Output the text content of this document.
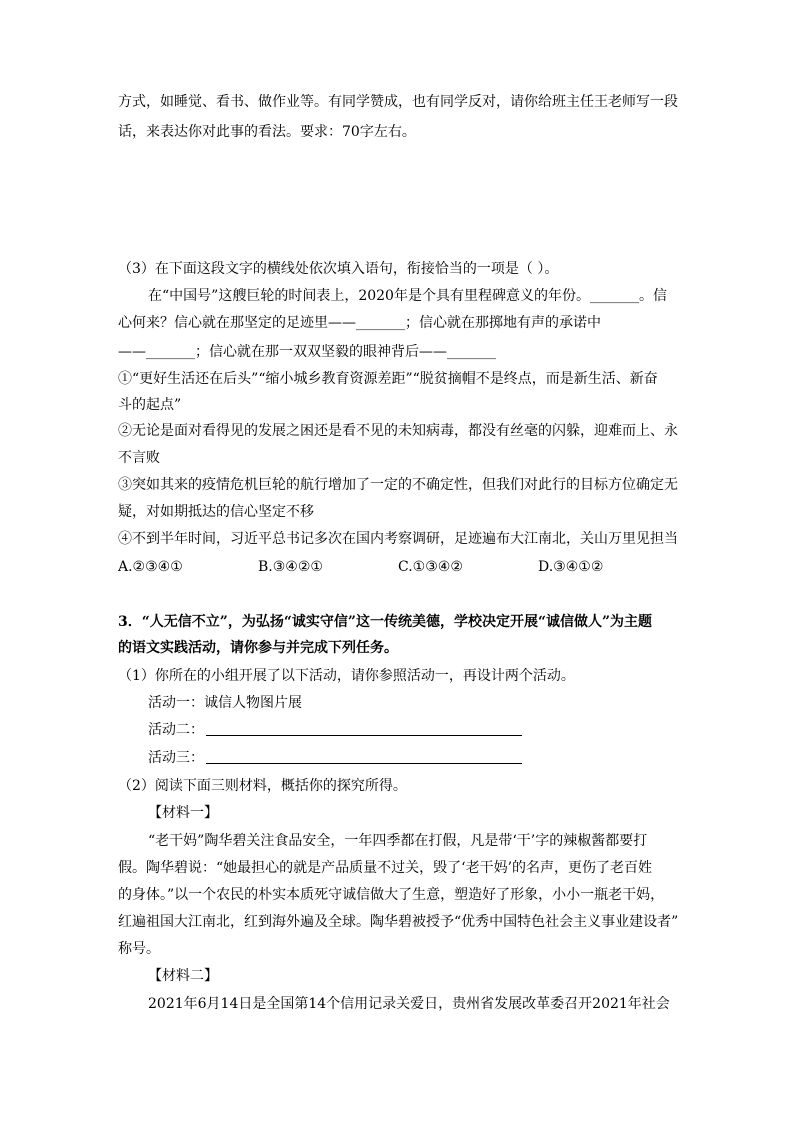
方式，如睡觉、看书、做作业等。有同学赞成，也有同学反对，请你给班主任王老师写一段
话，来表达你对此事的看法。要求：70字左右。
（3）在下面这段文字的横线处依次填入语句，衔接恰当的一项是（ ）。
在“中国号”这艘巨轮的时间表上，2020年是个具有里程碑意义的年份。_______。信
心何来？信心就在那坚定的足迹里——_______；信心就在那掷地有声的承诺中
——_______；信心就在那一双双坚毅的眼神背后——_______
①“更好生活还在后头”“缩小城乡教育资源差距”“脱贫摘帽不是终点，而是新生活、新奋
斗的起点”
②无论是面对看得见的发展之困还是看不见的未知病毒，都没有丝毫的闪躲，迎难而上、永
不言败
③突如其来的疫情危机巨轮的航行增加了一定的不确定性，但我们对此行的目标方位确定无
疑，对如期抵达的信心坚定不移
④不到半年时间，习近平总书记多次在国内考察调研，足迹遍布大江南北，关山万里见担当
A.②③④①	B.③④②①	C.①③④②	D.③④①②
3．“人无信不立”，为弘扬“诚实守信”这一传统美德，学校决定开展“诚信做人”为主题
的语文实践活动，请你参与并完成下列任务。
（1）你所在的小组开展了以下活动，请你参照活动一，再设计两个活动。
活动一：诚信人物图片展
活动二：
活动三：
（2）阅读下面三则材料，概括你的探究所得。
【材料一】
“老干妈”陶华碧关注食品安全，一年四季都在打假，凡是带‘干’字的辣椒酱都要打
假。陶华碧说：“她最担心的就是产品质量不过关，毁了‘老干妈’的名声，更伤了老百姓
的身体。”以一个农民的朴实本质死守诚信做大了生意，塑造好了形象，小小一瓶老干妈，
红遍祖国大江南北，红到海外遍及全球。陶华碧被授予“优秀中国特色社会主义事业建设者”
称号。
【材料二】
2021年6月14日是全国第14个信用记录关爱日，贵州省发展改革委召开2021年社会
